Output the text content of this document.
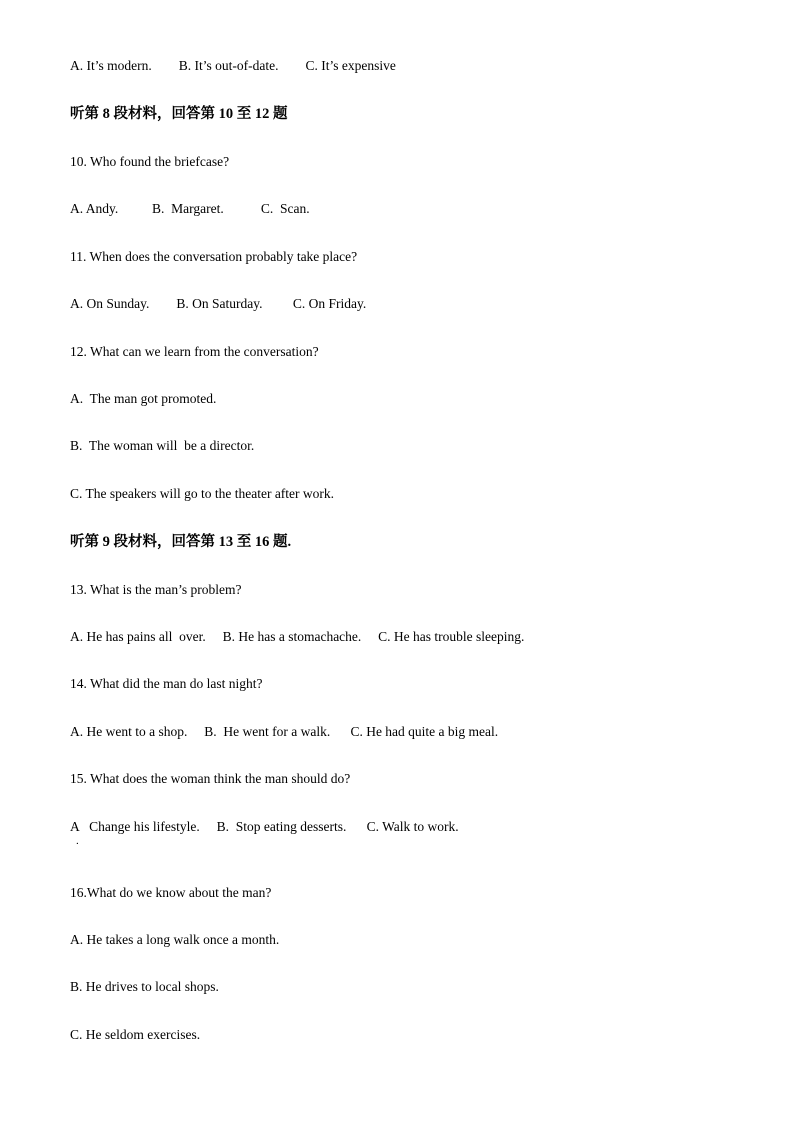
A. It’s modern.        B. It’s out-of-date.        C. It’s expensive
听第 8 段材料，回答第 10 至 12 题
10. Who found the briefcase?
A. Andy.          B.  Margaret.           C.  Scan.
11. When does the conversation probably take place?
A. On Sunday.        B. On Saturday.         C. On Friday.
12. What can we learn from the conversation?
A.  The man got promoted.
B.  The woman will  be a director.
C. The speakers will go to the theater after work.
听第 9 段材料，回答第 13 至 16 题.
13. What is the man’s problem?
A. He has pains all  over.     B. He has a stomachache.     C. He has trouble sleeping.
14. What did the man do last night?
A. He went to a shop.     B.  He went for a walk.      C. He had quite a big meal.
15. What does the woman think the man should do?
A   Change his lifestyle.     B.  Stop eating desserts.      C. Walk to work.
.
16.What do we know about the man?
A. He takes a long walk once a month.
B. He drives to local shops.
C. He seldom exercises.
